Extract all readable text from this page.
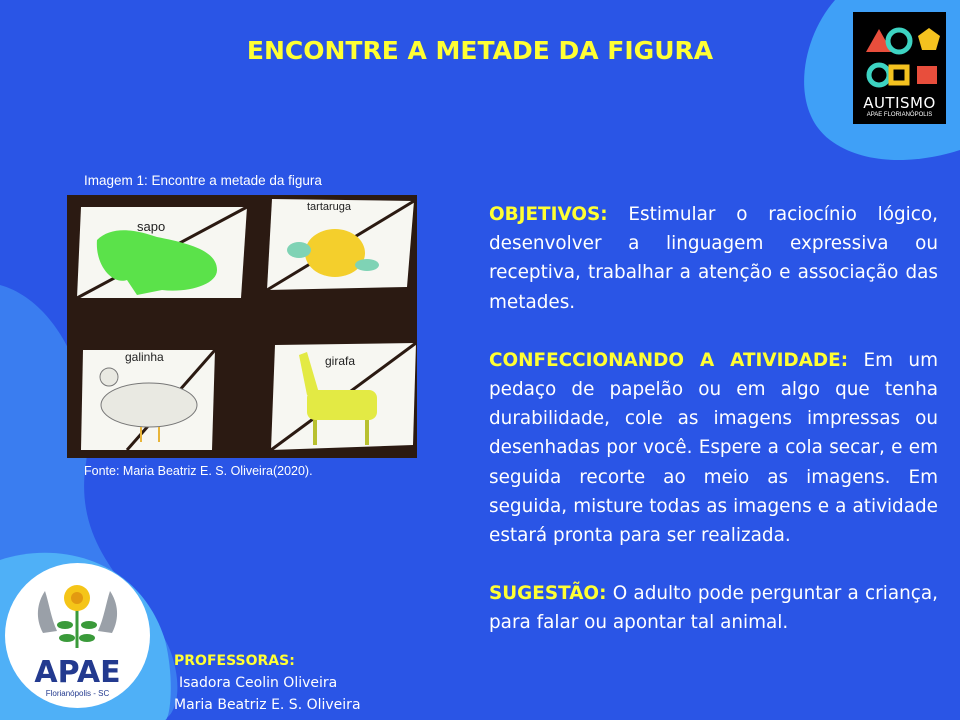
ENCONTRE A METADE DA FIGURA
AUTISMO
APAE FLORIANÓPOLIS
Imagem 1: Encontre a metade da figura
sapo
tartaruga
galinha	girafa
Fonte: Maria Beatriz E. S. Oliveira(2020).

OBJETIVOS: Estimular o raciocínio lógico, desenvolver a linguagem expressiva ou receptiva, trabalhar a atenção e associação das metades.

CONFECCIONANDO A ATIVIDADE: Em um pedaço de papelão ou em algo que tenha durabilidade, cole as imagens impressas ou desenhadas por você. Espere a cola secar, e em seguida recorte ao meio as imagens. Em seguida, misture todas as imagens e a atividade estará pronta para ser realizada.

SUGESTÃO: O adulto pode perguntar a criança, para falar ou apontar tal animal.

APAE
Florianópolis - SC
PROFESSORAS:
Isadora Ceolin Oliveira
Maria Beatriz E. S. Oliveira
